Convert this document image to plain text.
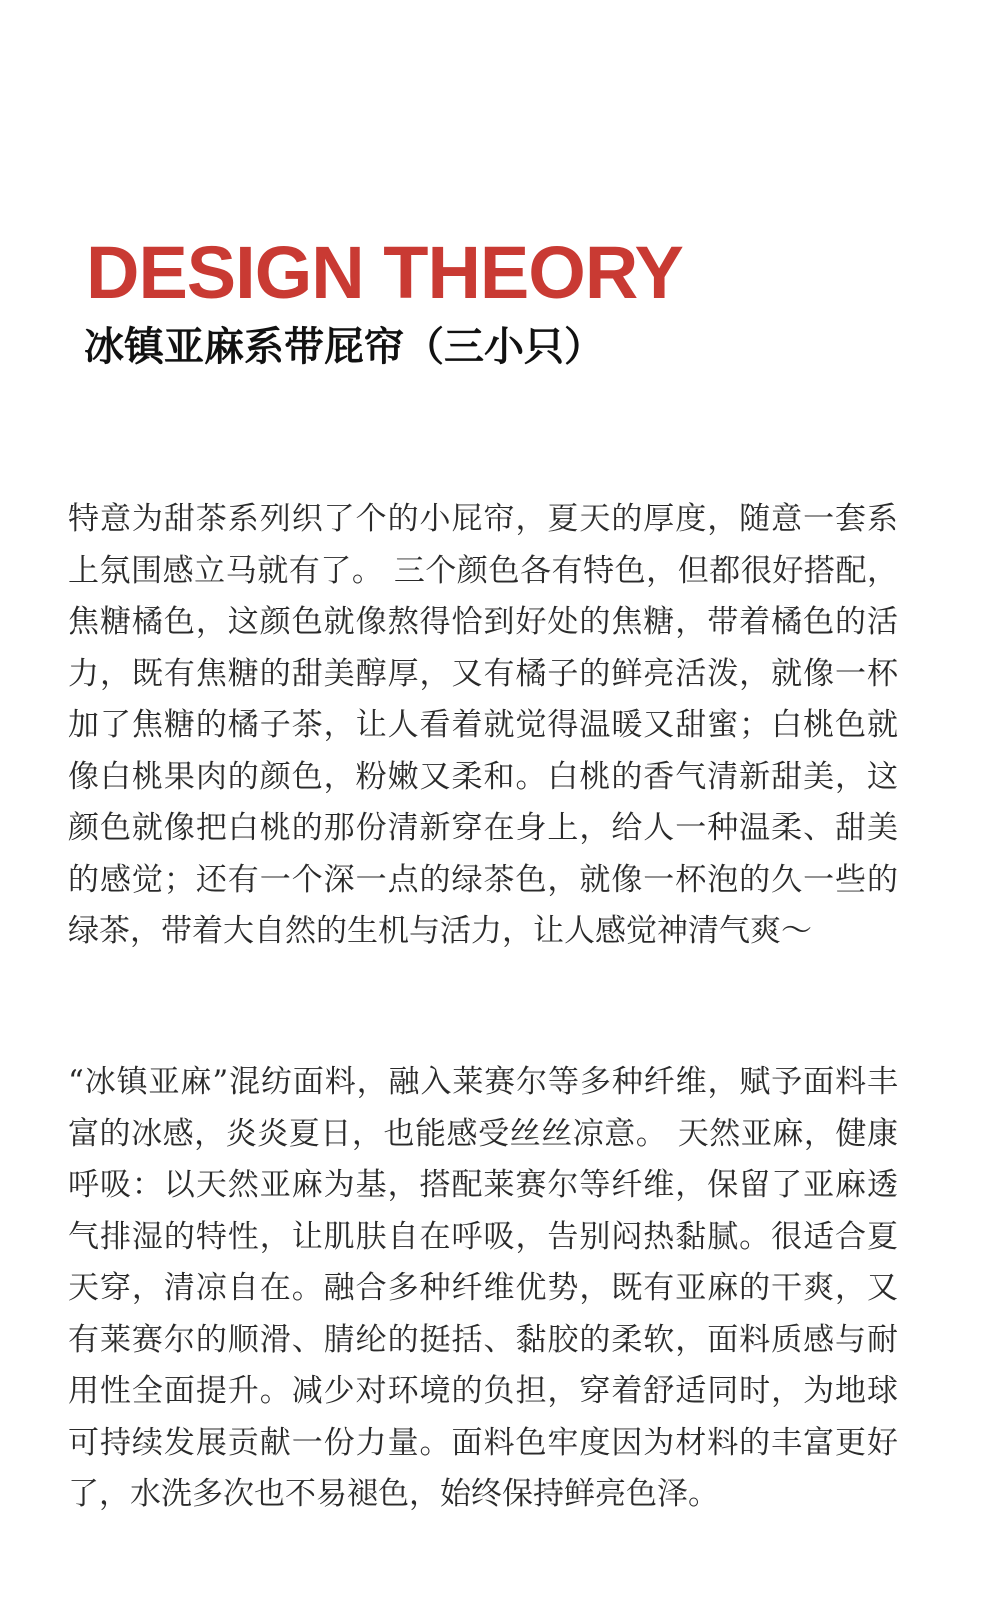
DESIGN THEORY
冰镇亚麻系带屁帘（三小只）

特意为甜茶系列织了个的小屁帘，夏天的厚度，随意一套系上氛围感立马就有了。 三个颜色各有特色，但都很好搭配，焦糖橘色，这颜色就像熬得恰到好处的焦糖，带着橘色的活力，既有焦糖的甜美醇厚，又有橘子的鲜亮活泼，就像一杯加了焦糖的橘子茶，让人看着就觉得温暖又甜蜜；白桃色就像白桃果肉的颜色，粉嫩又柔和。白桃的香气清新甜美，这颜色就像把白桃的那份清新穿在身上，给人一种温柔、甜美的感觉；还有一个深一点的绿茶色，就像一杯泡的久一些的绿茶，带着大自然的生机与活力，让人感觉神清气爽～

“冰镇亚麻”混纺面料，融入莱赛尔等多种纤维，赋予面料丰富的冰感，炎炎夏日，也能感受丝丝凉意。 天然亚麻，健康呼吸：以天然亚麻为基，搭配莱赛尔等纤维，保留了亚麻透气排湿的特性，让肌肤自在呼吸，告别闷热黏腻。很适合夏天穿，清凉自在。融合多种纤维优势，既有亚麻的干爽，又有莱赛尔的顺滑、腈纶的挺括、黏胶的柔软，面料质感与耐用性全面提升。减少对环境的负担，穿着舒适同时，为地球可持续发展贡献一份力量。面料色牢度因为材料的丰富更好了，水洗多次也不易褪色，始终保持鲜亮色泽。
